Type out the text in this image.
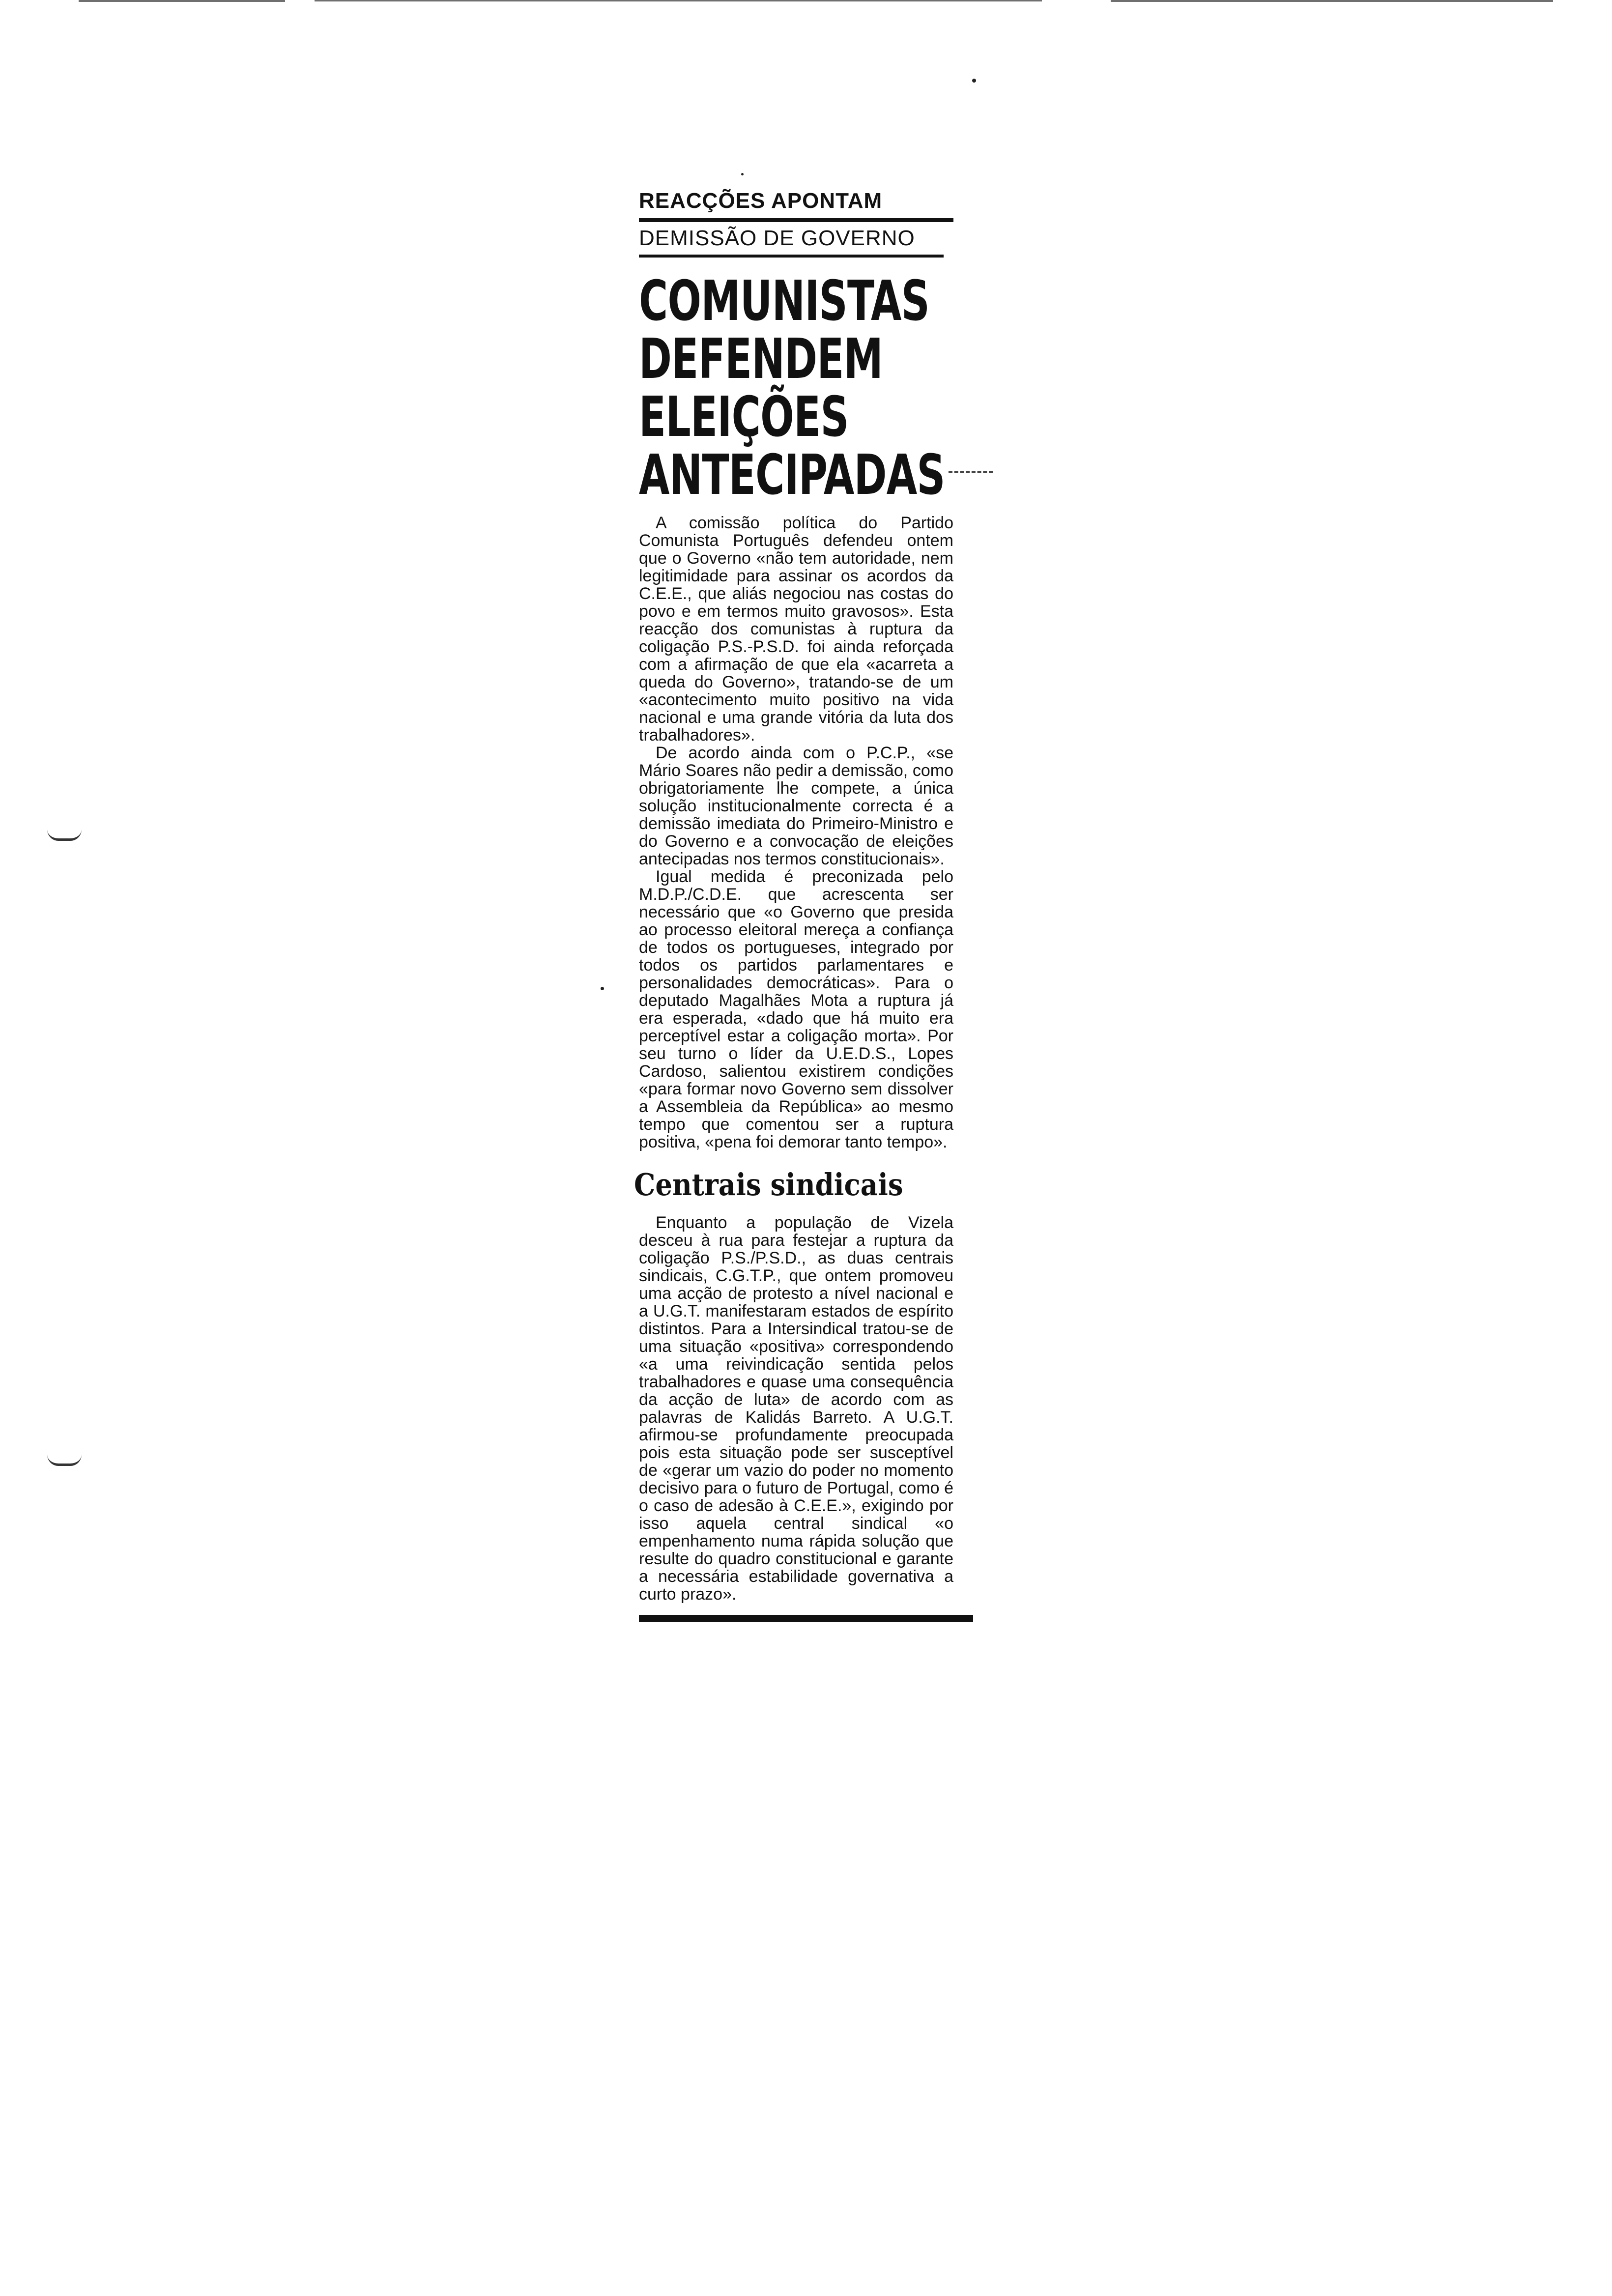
REACÇÕES APONTAM
DEMISSÃO DE GOVERNO
COMUNISTAS
DEFENDEM
ELEIÇÕES
ANTECIPADAS

A comissão política do Partido Comunista Português defendeu ontem que o Governo «não tem autoridade, nem legitimidade para assinar os acordos da C.E.E., que aliás negociou nas costas do povo e em termos muito gravosos». Esta reacção dos comunistas à ruptura da coligação P.S.-P.S.D. foi ainda reforçada com a afirmação de que ela «acarreta a queda do Governo», tratando-se de um «acontecimento muito positivo na vida nacional e uma grande vitória da luta dos trabalhadores».

De acordo ainda com o P.C.P., «se Mário Soares não pedir a demissão, como obrigatoriamente lhe compete, a única solução institucionalmente correcta é a demissão imediata do Primeiro-Ministro e do Governo e a convocação de eleições antecipadas nos termos constitucionais».

Igual medida é preconizada pelo M.D.P./C.D.E. que acrescenta ser necessário que «o Governo que presida ao processo eleitoral mereça a confiança de todos os portugueses, integrado por todos os partidos parlamentares e personalidades democráticas». Para o deputado Magalhães Mota a ruptura já era esperada, «dado que há muito era perceptível estar a coligação morta». Por seu turno o líder da U.E.D.S., Lopes Cardoso, salientou existirem condições «para formar novo Governo sem dissolver a Assembleia da República» ao mesmo tempo que comentou ser a ruptura positiva, «pena foi demorar tanto tempo».

Centrais sindicais

Enquanto a população de Vizela desceu à rua para festejar a ruptura da coligação P.S./P.S.D., as duas centrais sindicais, C.G.T.P., que ontem promoveu uma acção de protesto a nível nacional e a U.G.T. manifestaram estados de espírito distintos. Para a Intersindical tratou-se de uma situação «positiva» correspondendo «a uma reivindicação sentida pelos trabalhadores e quase uma consequência da acção de luta» de acordo com as palavras de Kalidás Barreto. A U.G.T. afirmou-se profundamente preocupada pois esta situação pode ser susceptível de «gerar um vazio do poder no momento decisivo para o futuro de Portugal, como é o caso de adesão à C.E.E.», exigindo por isso aquela central sindical «o empenhamento numa rápida solução que resulte do quadro constitucional e garante a necessária estabilidade governativa a curto prazo».
